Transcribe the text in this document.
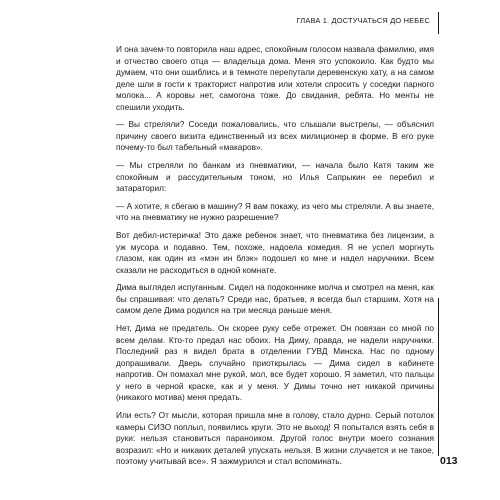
ГЛАВА 1. ДОСТУЧАТЬСЯ ДО НЕБЕС

И она зачем-то повторила наш адрес, спокойным голосом назвала фамилию, имя и отчество своего отца — владельца дома. Меня это успокоило. Как будто мы думаем, что они ошиблись и в темноте перепутали деревенскую хату, а на самом деле шли в гости к тракторист напротив или хотели спросить у соседки парного молока... А коровы нет, самогона тоже. До свидания, ребята. Но менты не спешили уходить.

— Вы стреляли? Соседи пожаловались, что слышали выстрелы, — объяснил причину своего визита единственный из всех милиционер в форме. В его руке почему-то был табельный «макаров».

— Мы стреляли по банкам из пневматики, — начала было Катя таким же спокойным и рассудительным тоном, но Илья Сапрыкин ее перебил и затараторил:

— А хотите, я сбегаю в машину? Я вам покажу, из чего мы стреляли. А вы знаете, что на пневматику не нужно разрешение?

Вот дебил-истеричка! Это даже ребенок знает, что пневматика без лицензии, а уж мусора и подавно. Тем, похоже, надоела комедия. Я не успел моргнуть глазом, как один из «мэн ин блэк» подошел ко мне и надел наручники. Всем сказали не расходиться в одной комнате.

Дима выглядел испуганным. Сидел на подоконнике молча и смотрел на меня, как бы спрашивая: что делать? Среди нас, братьев, я всегда был старшим. Хотя на самом деле Дима родился на три месяца раньше меня.

Нет, Дима не предатель. Он скорее руку себе отрежет. Он повязан со мной по всем делам. Кто-то предал нас обоих. На Диму, правда, не надели наручники. Последний раз я видел брата в отделении ГУВД Минска. Нас по одному допрашивали. Дверь случайно приоткрылась — Дима сидел в кабинете напротив. Он помахал мне рукой, мол, все будет хорошо. Я заметил, что пальцы у него в черной краске, как и у меня. У Димы точно нет никакой причины (никакого мотива) меня предать.

Или есть? От мысли, которая пришла мне в голову, стало дурно. Серый потолок камеры СИЗО поплыл, появились круги. Это не выход! Я попытался взять себя в руки: нельзя становиться параноиком. Другой голос внутри моего сознания возразил: «Но и никаких деталей упускать нельзя. В жизни случается и не такое, поэтому учитывай все». Я зажмурился и стал вспоминать.	013
